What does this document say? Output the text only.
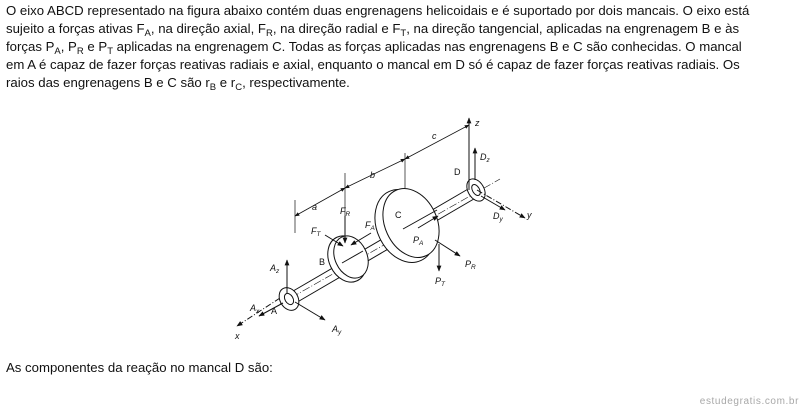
O eixo ABCD representado na figura abaixo contém duas engrenagens helicoidais e é suportado por dois mancais. O eixo está
sujeito a forças ativas $F_A$, na direção axial, $F_R$, na direção radial e $F_T$, na direção tangencial, aplicadas na engrenagem B e às
forças $P_A$, $P_R$ e $P_T$ aplicadas na engrenagem C. Todas as forças aplicadas nas engrenagens B e C são conhecidas. O mancal
em A é capaz de fazer forças reativas radiais e axial, enquanto o mancal em D só é capaz de fazer forças reativas radiais. Os
raios das engrenagens B e C são $r_B$ e $r_C$, respectivamente.
x
A
D
B
C
z
y
a
b
c
$A_z$
$A_x$
$A_y$
$F_R$
$F_T$
$F_A$
$P_A$
$P_R$
$P_T$
$D_z$
$D_y$
As componentes da reação no mancal D são:
estudegratis.com.br
